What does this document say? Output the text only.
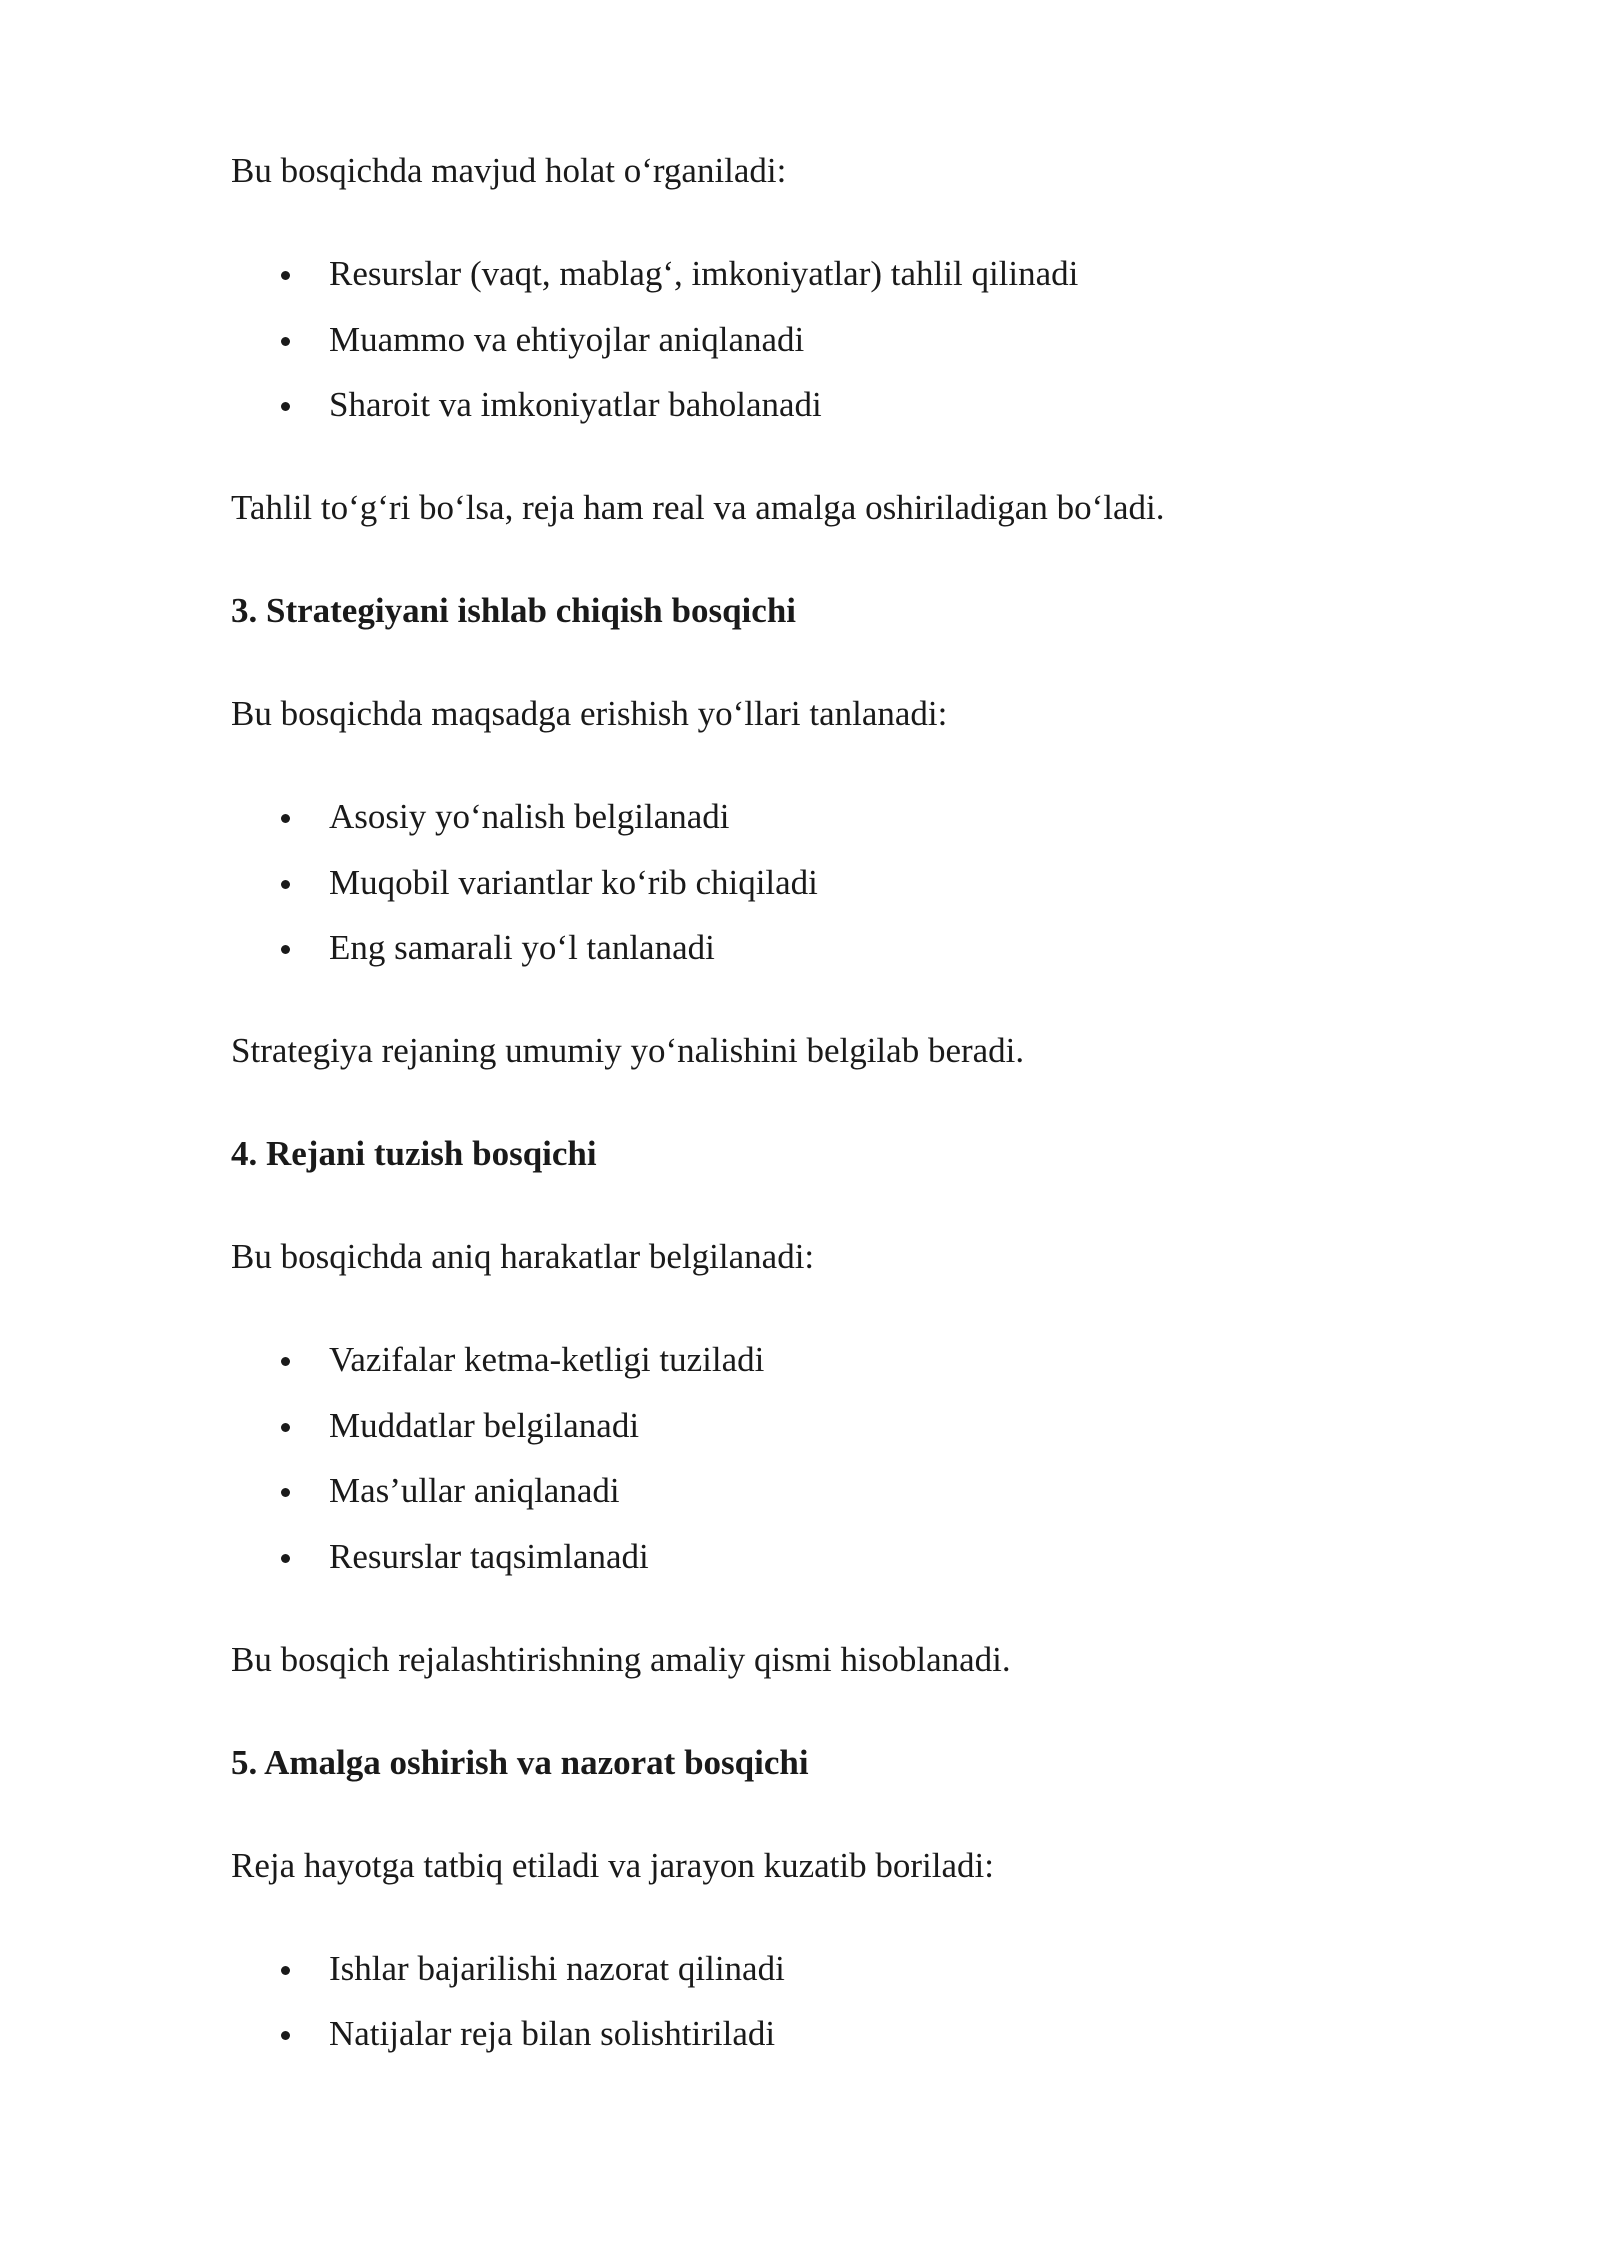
Bu bosqichda mavjud holat o‘rganiladi:

Resurslar (vaqt, mablag‘, imkoniyatlar) tahlil qilinadi
Muammo va ehtiyojlar aniqlanadi
Sharoit va imkoniyatlar baholanadi

Tahlil to‘g‘ri bo‘lsa, reja ham real va amalga oshiriladigan bo‘ladi.

3. Strategiyani ishlab chiqish bosqichi

Bu bosqichda maqsadga erishish yo‘llari tanlanadi:

Asosiy yo‘nalish belgilanadi
Muqobil variantlar ko‘rib chiqiladi
Eng samarali yo‘l tanlanadi

Strategiya rejaning umumiy yo‘nalishini belgilab beradi.

4. Rejani tuzish bosqichi

Bu bosqichda aniq harakatlar belgilanadi:

Vazifalar ketma-ketligi tuziladi
Muddatlar belgilanadi
Mas’ullar aniqlanadi
Resurslar taqsimlanadi

Bu bosqich rejalashtirishning amaliy qismi hisoblanadi.

5. Amalga oshirish va nazorat bosqichi

Reja hayotga tatbiq etiladi va jarayon kuzatib boriladi:

Ishlar bajarilishi nazorat qilinadi
Natijalar reja bilan solishtiriladi
